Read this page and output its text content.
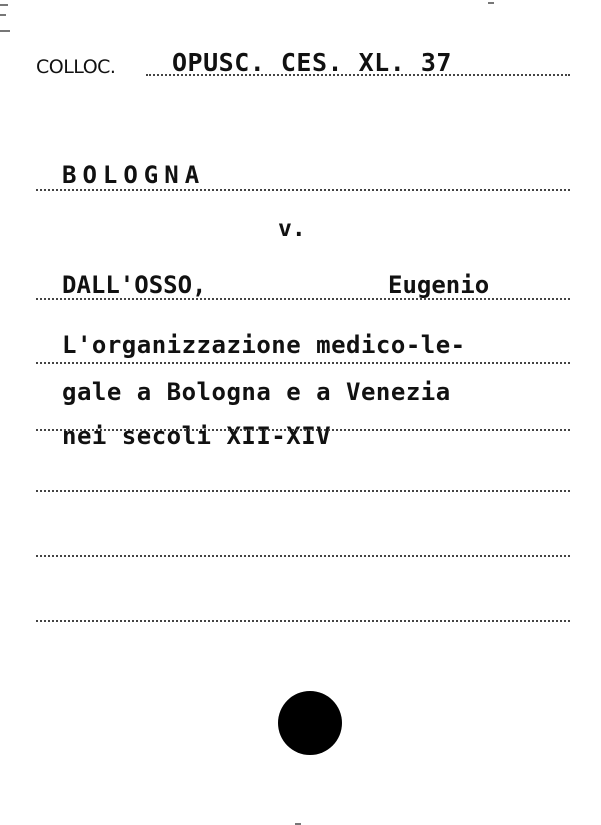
COLLOC. OPUSC. CES. XL. 37
BOLOGNA
v.
DALL'OSSO,	Eugenio
L'organizzazione medico-le-
gale a Bologna e a Venezia
nei secoli XII-XIV
